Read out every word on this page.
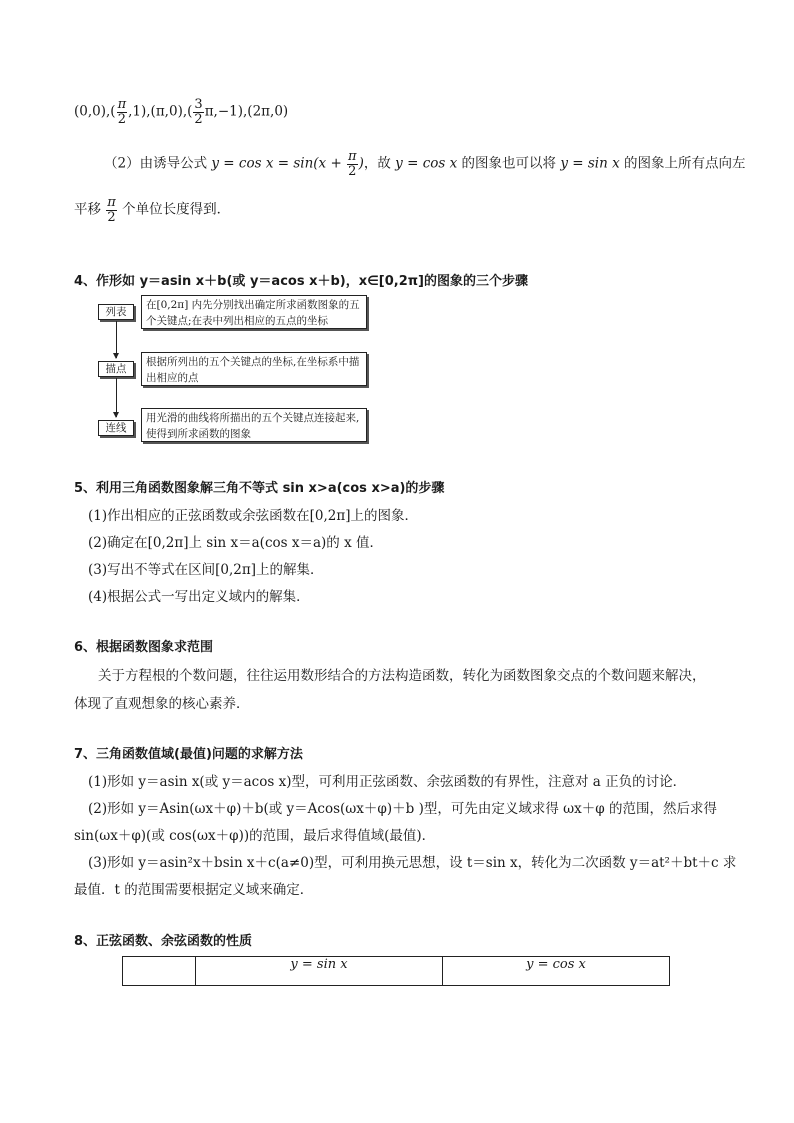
$(0,0),( \frac{\pi}{2} ,1),(\pi,0),( \frac{3}{2} \pi,-1),(2\pi,0)$
（2）由诱导公式 $y = \cos x = \sin(x + \frac{\pi}{2}$ )，故 y = cos x 的图象也可以将 y = sin x 的图象上所有点向左
平移 $\frac{\pi}{2}$ 个单位长度得到．
4、作形如 y＝asin x＋b(或 y＝acos x＋b)，x∈[0,2π]的图象的三个步骤
列表
在[0,2π] 内先分别找出确定所求函数图象的五个关键点;在表中列出相应的五点的坐标
描点
根据所列出的五个关键点的坐标,在坐标系中描出相应的点
连线
用光滑的曲线将所描出的五个关键点连接起来,使得到所求函数的图象
5、利用三角函数图象解三角不等式 sin x>a(cos x>a)的步骤
(1)作出相应的正弦函数或余弦函数在[0,2π]上的图象．
(2)确定在[0,2π]上 sin x＝a(cos x＝a)的 x 值．
(3)写出不等式在区间[0,2π]上的解集．
(4)根据公式一写出定义域内的解集．
6、根据函数图象求范围
关于方程根的个数问题，往往运用数形结合的方法构造函数，转化为函数图象交点的个数问题来解决，
体现了直观想象的核心素养．
7、三角函数值域(最值)问题的求解方法
(1)形如 y＝asin x(或 y＝acos x)型，可利用正弦函数、余弦函数的有界性，注意对 a 正负的讨论．
(2)形如 y＝Asin(ωx＋φ)＋b(或 y＝Acos(ωx＋φ)＋b )型，可先由定义域求得 ωx＋φ 的范围，然后求得
sin(ωx＋φ)(或 cos(ωx＋φ))的范围，最后求得值域(最值)．
(3)形如 y＝asin²x＋bsin x＋c(a≠0)型，可利用换元思想，设 t＝sin x，转化为二次函数 y＝at²＋bt＋c 求
最值．t 的范围需要根据定义域来确定．
8、正弦函数、余弦函数的性质
	y = sin x	y = cos x
